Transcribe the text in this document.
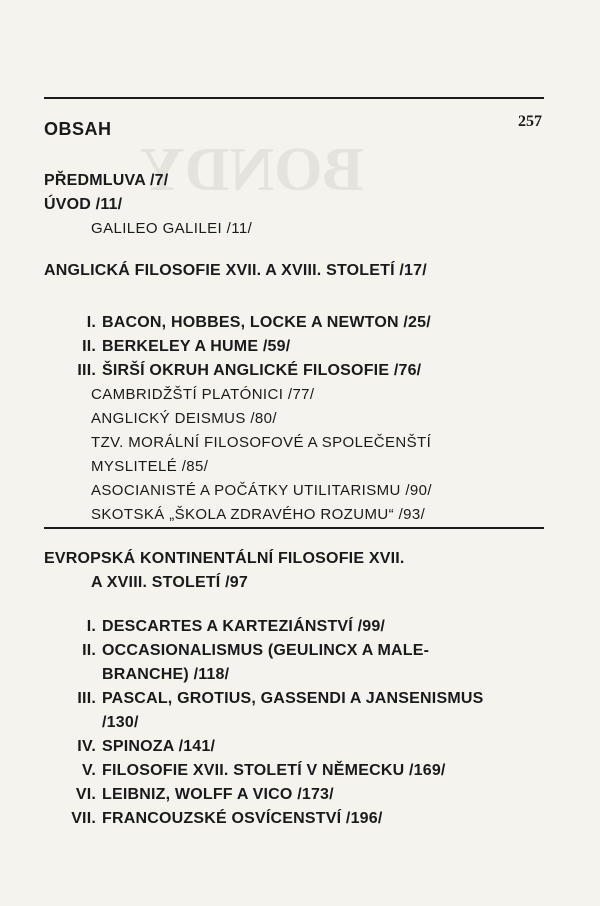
BONDY
257
OBSAH
PŘEDMLUVA /7/
ÚVOD /11/
GALILEO GALILEI /11/
ANGLICKÁ FILOSOFIE XVII. A XVIII. STOLETÍ /17/
I. BACON, HOBBES, LOCKE A NEWTON /25/
II. BERKELEY A HUME /59/
III. ŠIRŠÍ OKRUH ANGLICKÉ FILOSOFIE /76/
CAMBRIDŽŠTÍ PLATÓNICI /77/
ANGLICKÝ DEISMUS /80/
TZV. MORÁLNÍ FILOSOFOVÉ A SPOLEČENŠTÍ
MYSLITELÉ /85/
ASOCIANISTÉ A POČÁTKY UTILITARISMU /90/
SKOTSKÁ „ŠKOLA ZDRAVÉHO ROZUMU“ /93/
EVROPSKÁ KONTINENTÁLNÍ FILOSOFIE XVII.
A XVIII. STOLETÍ /97
I. DESCARTES A KARTEZIÁNSTVÍ /99/
II. OCCASIONALISMUS (GEULINCX A MALE-
BRANCHE) /118/
III. PASCAL, GROTIUS, GASSENDI A JANSENISMUS
/130/
IV. SPINOZA /141/
V. FILOSOFIE XVII. STOLETÍ V NĚMECKU /169/
VI. LEIBNIZ, WOLFF A VICO /173/
VII. FRANCOUZSKÉ OSVÍCENSTVÍ /196/
